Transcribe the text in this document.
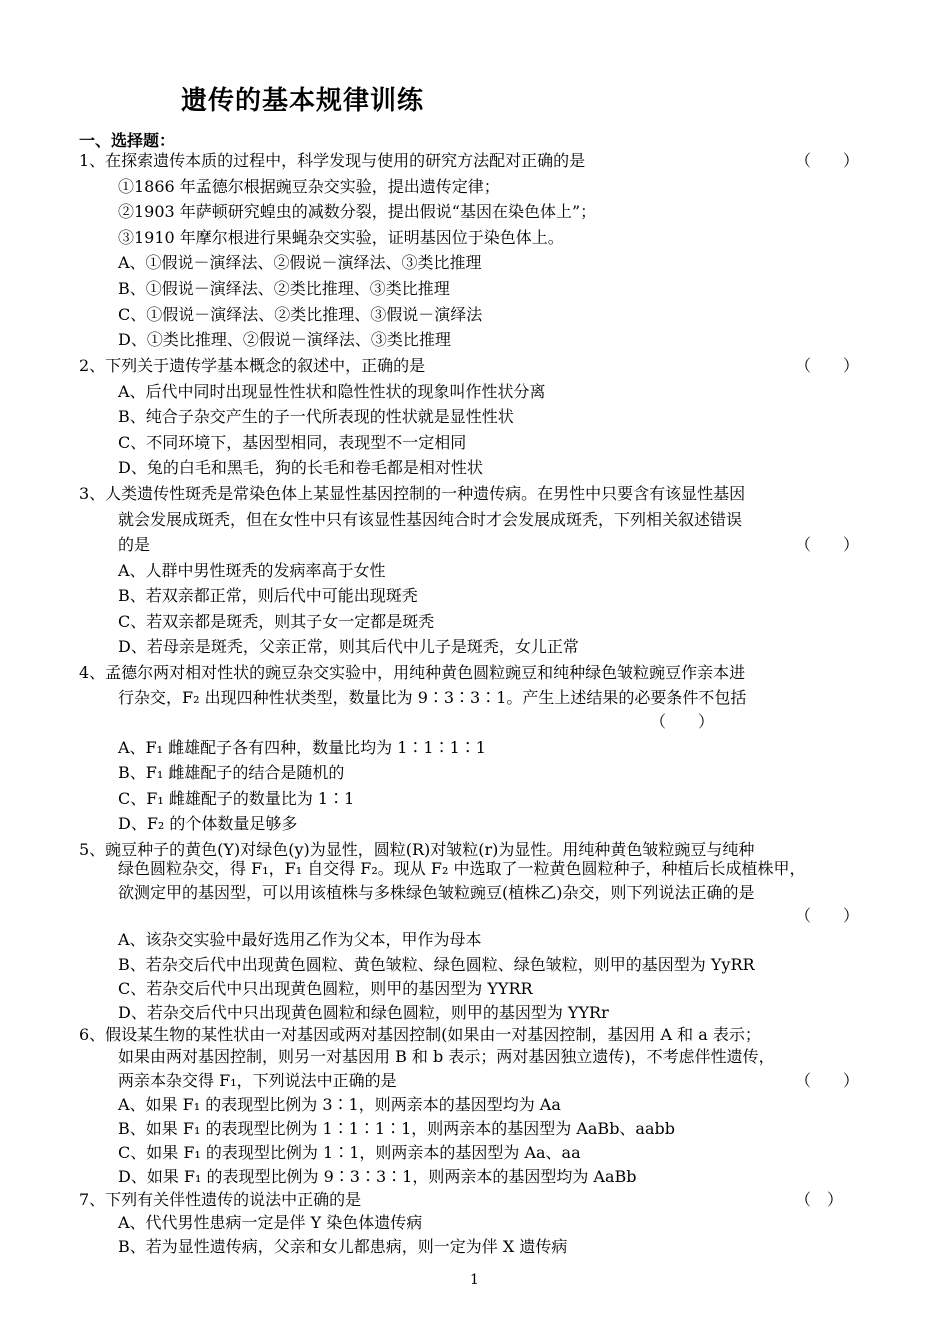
遗传的基本规律训练
一、选择题：
1、在探索遗传本质的过程中，科学发现与使用的研究方法配对正确的是	（　　）
①1866 年孟德尔根据豌豆杂交实验，提出遗传定律；
②1903 年萨顿研究蝗虫的减数分裂，提出假说“基因在染色体上”；
③1910 年摩尔根进行果蝇杂交实验，证明基因位于染色体上。
A、①假说－演绎法、②假说－演绎法、③类比推理
B、①假说－演绎法、②类比推理、③类比推理
C、①假说－演绎法、②类比推理、③假说－演绎法
D、①类比推理、②假说－演绎法、③类比推理
2、下列关于遗传学基本概念的叙述中，正确的是	（　　）
A、后代中同时出现显性性状和隐性性状的现象叫作性状分离
B、纯合子杂交产生的子一代所表现的性状就是显性性状
C、不同环境下，基因型相同，表现型不一定相同
D、兔的白毛和黑毛，狗的长毛和卷毛都是相对性状
3、人类遗传性斑秃是常染色体上某显性基因控制的一种遗传病。在男性中只要含有该显性基因
就会发展成斑秃，但在女性中只有该显性基因纯合时才会发展成斑秃，下列相关叙述错误
的是	（　　）
A、人群中男性斑秃的发病率高于女性
B、若双亲都正常，则后代中可能出现斑秃
C、若双亲都是斑秃，则其子女一定都是斑秃
D、若母亲是斑秃，父亲正常，则其后代中儿子是斑秃，女儿正常
4、孟德尔两对相对性状的豌豆杂交实验中，用纯种黄色圆粒豌豆和纯种绿色皱粒豌豆作亲本进
行杂交，F₂ 出现四种性状类型，数量比为 9∶3∶3∶1。产生上述结果的必要条件不包括
（　　）
A、F₁ 雌雄配子各有四种，数量比均为 1∶1∶1∶1
B、F₁ 雌雄配子的结合是随机的
C、F₁ 雌雄配子的数量比为 1∶1
D、F₂ 的个体数量足够多
5、豌豆种子的黄色(Y)对绿色(y)为显性，圆粒(R)对皱粒(r)为显性。用纯种黄色皱粒豌豆与纯种
绿色圆粒杂交，得 F₁，F₁ 自交得 F₂。现从 F₂ 中选取了一粒黄色圆粒种子，种植后长成植株甲，
欲测定甲的基因型，可以用该植株与多株绿色皱粒豌豆(植株乙)杂交，则下列说法正确的是
（　　）
A、该杂交实验中最好选用乙作为父本，甲作为母本
B、若杂交后代中出现黄色圆粒、黄色皱粒、绿色圆粒、绿色皱粒，则甲的基因型为 YyRR
C、若杂交后代中只出现黄色圆粒，则甲的基因型为 YYRR
D、若杂交后代中只出现黄色圆粒和绿色圆粒，则甲的基因型为 YYRr
6、假设某生物的某性状由一对基因或两对基因控制(如果由一对基因控制，基因用 A 和 a 表示；
如果由两对基因控制，则另一对基因用 B 和 b 表示；两对基因独立遗传)，不考虑伴性遗传，
两亲本杂交得 F₁，下列说法中正确的是	（　　）
A、如果 F₁ 的表现型比例为 3∶1，则两亲本的基因型均为 Aa
B、如果 F₁ 的表现型比例为 1∶1∶1∶1，则两亲本的基因型为 AaBb、aabb
C、如果 F₁ 的表现型比例为 1∶1，则两亲本的基因型为 Aa、aa
D、如果 F₁ 的表现型比例为 9∶3∶3∶1，则两亲本的基因型均为 AaBb
7、下列有关伴性遗传的说法中正确的是	（　）
A、代代男性患病一定是伴 Y 染色体遗传病
B、若为显性遗传病，父亲和女儿都患病，则一定为伴 X 遗传病
1
